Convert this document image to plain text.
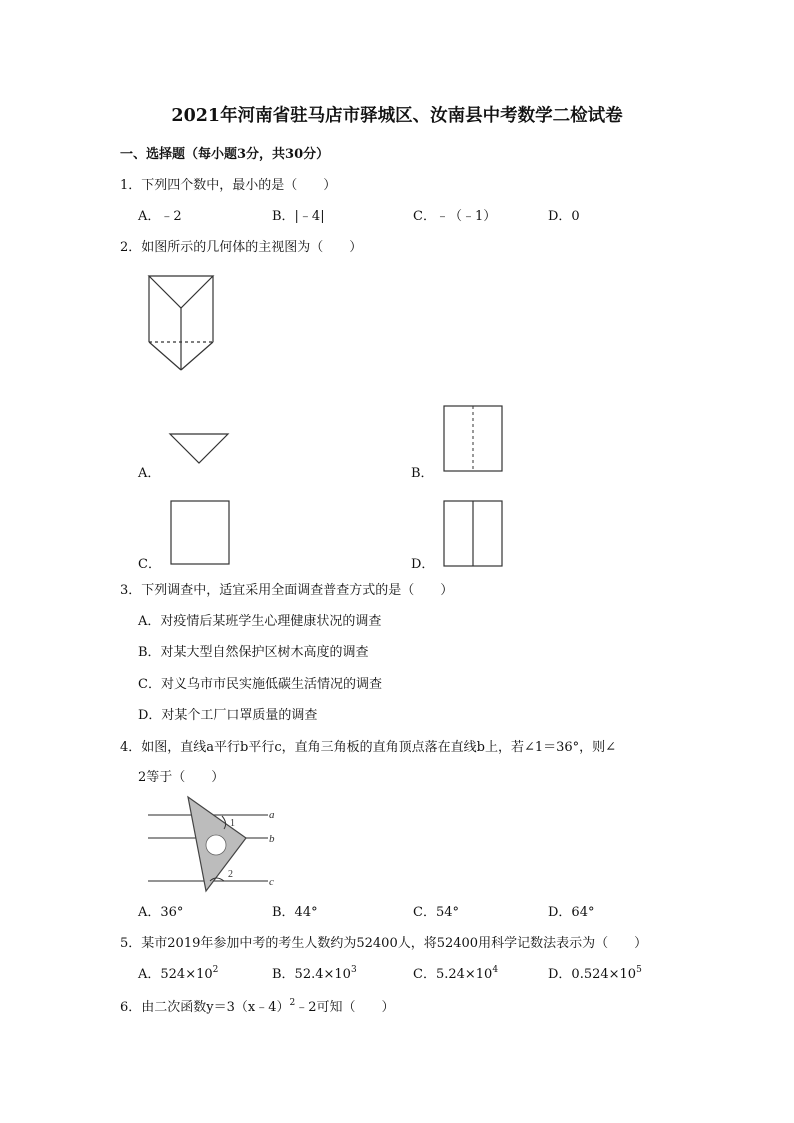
2021年河南省驻马店市驿城区、汝南县中考数学二检试卷
一、选择题（每小题3分，共30分）
1．下列四个数中，最小的是（　　）
A．﹣2	B．|﹣4|	C．﹣（﹣1）	D．0
2．如图所示的几何体的主视图为（　　）
A．	B．
C．	D．
3．下列调查中，适宜采用全面调查普查方式的是（　　）
A．对疫情后某班学生心理健康状况的调查
B．对某大型自然保护区树木高度的调查
C．对义乌市市民实施低碳生活情况的调查
D．对某个工厂口罩质量的调查
4．如图，直线a平行b平行c，直角三角板的直角顶点落在直线b上，若∠1＝36°，则∠
2等于（　　）
a
b
c
1
2
A．36°	B．44°	C．54°	D．64°
5．某市2019年参加中考的考生人数约为52400人，将52400用科学记数法表示为（　　）
A．$524\times 10^2$	B．$52.4\times 10^3$	C．$5.24\times 10^4$	D．$0.524\times 10^5$
6．由二次函数y＝3（x﹣4）$^2$﹣2可知（　　）
